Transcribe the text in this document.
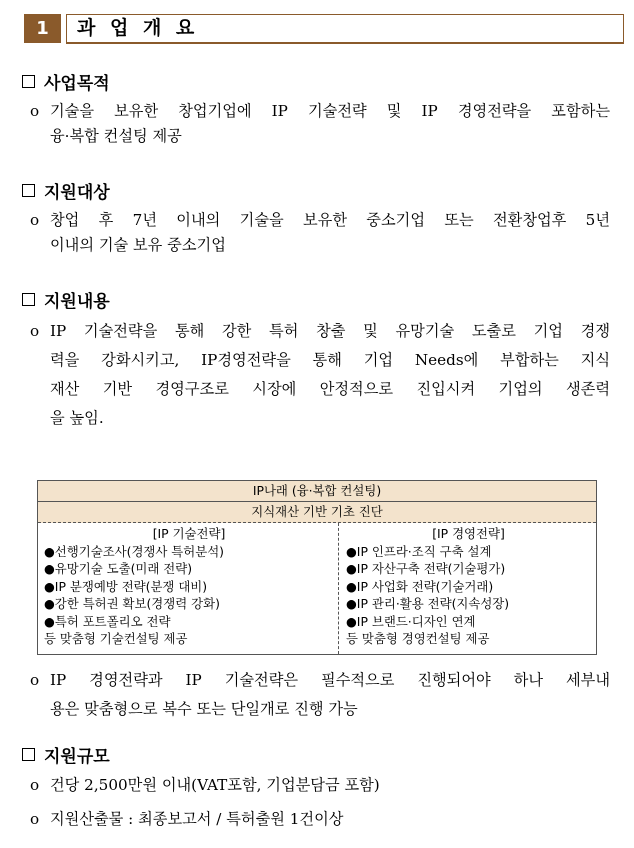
1	과 업 개 요
사업목적
o 기술을 보유한 창업기업에 IP 기술전략 및 IP 경영전략을 포함하는
융·복합 컨설팅 제공
지원대상
o 창업 후 7년 이내의 기술을 보유한 중소기업 또는 전환창업후 5년
이내의 기술 보유 중소기업
지원내용
o IP 기술전략을 통해 강한 특허 창출 및 유망기술 도출로 기업 경쟁
력을 강화시키고, IP경영전략을 통해 기업 Needs에 부합하는 지식
재산 기반 경영구조로 시장에 안정적으로 진입시켜 기업의 생존력
을 높임.
IP나래 (융·복합 컨설팅)
지식재산 기반 기초 진단
[IP 기술전략]
●선행기술조사(경쟁사 특허분석)
●유망기술 도출(미래 전략)
●IP 분쟁예방 전략(분쟁 대비)
●강한 특허권 확보(경쟁력 강화)
●특허 포트폴리오 전략
등 맞춤형 기술컨설팅 제공
[IP 경영전략]
●IP 인프라·조직 구축 설계
●IP 자산구축 전략(기술평가)
●IP 사업화 전략(기술거래)
●IP 관리·활용 전략(지속성장)
●IP 브랜드·디자인 연계
등 맞춤형 경영컨설팅 제공
o IP 경영전략과 IP 기술전략은 필수적으로 진행되어야 하나 세부내
용은 맞춤형으로 복수 또는 단일개로 진행 가능
지원규모
o 건당 2,500만원 이내(VAT포함, 기업분담금 포함)
o 지원산출물 : 최종보고서 / 특허출원 1건이상
